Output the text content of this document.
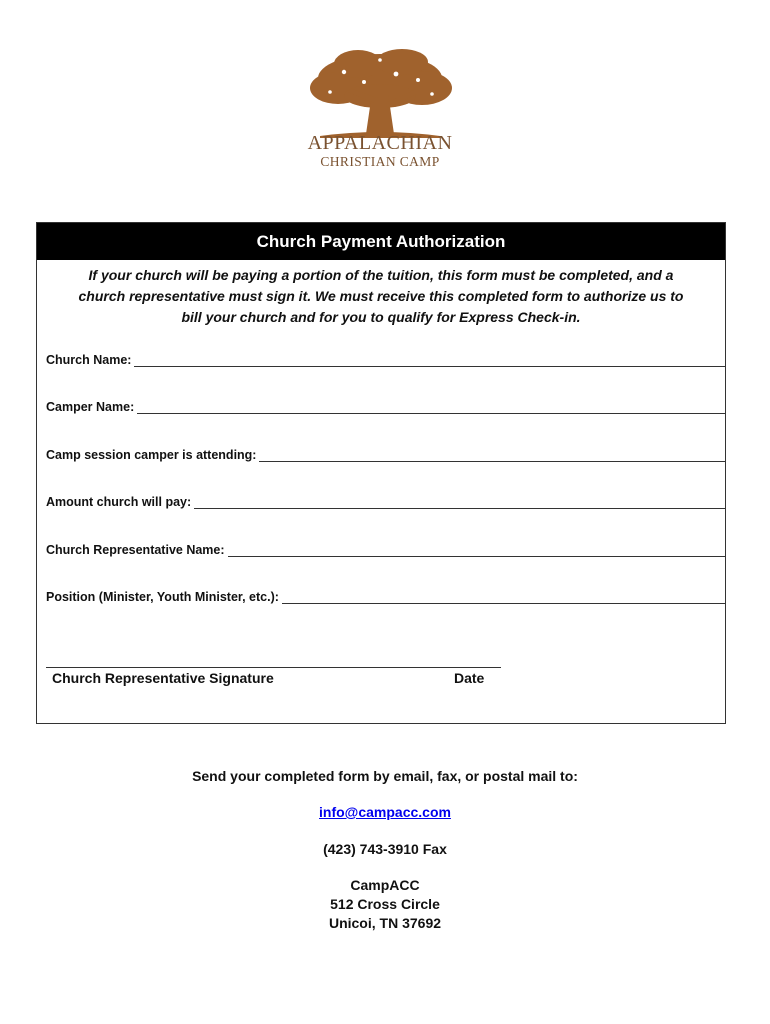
APPALACHIAN
CHRISTIAN CAMP
Church Payment Authorization
If your church will be paying a portion of the tuition, this form must be completed, and a
church representative must sign it. We must receive this completed form to authorize us to
bill your church and for you to qualify for Express Check-in.
Church Name:
Camper Name:
Camp session camper is attending:
Amount church will pay:
Church Representative Name:
Position (Minister, Youth Minister, etc.):
Church Representative Signature	Date
Send your completed form by email, fax, or postal mail to:
info@campacc.com
(423) 743-3910 Fax
CampACC
512 Cross Circle
Unicoi, TN 37692
